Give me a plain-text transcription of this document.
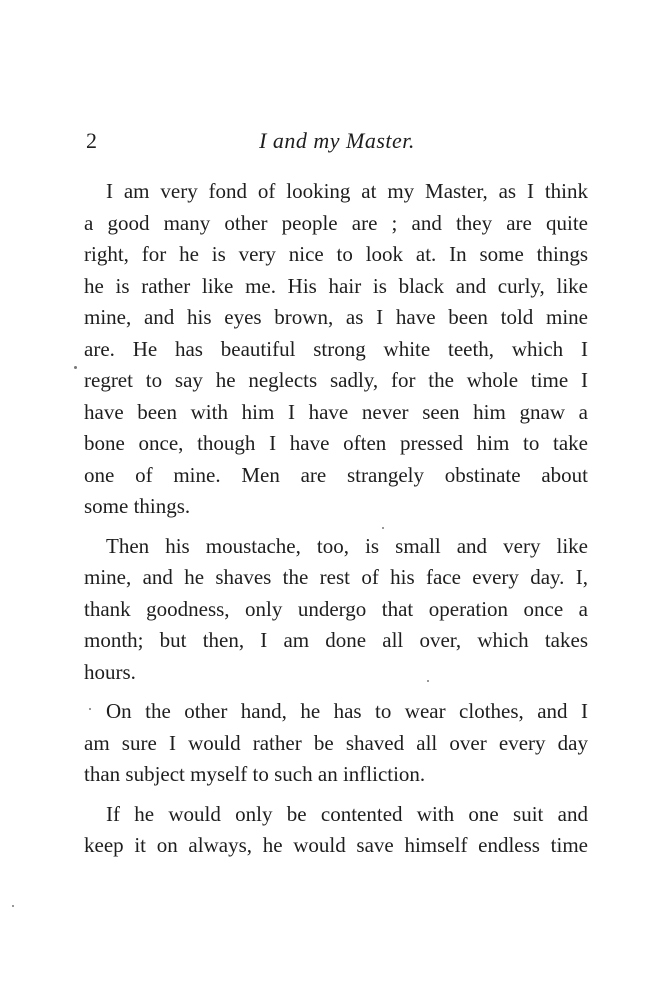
2	I and my Master.

I am very fond of looking at my Master, as I think
a good many other people are ; and they are quite
right, for he is very nice to look at. In some things
he is rather like me. His hair is black and curly, like
mine, and his eyes brown, as I have been told mine
are. He has beautiful strong white teeth, which I
regret to say he neglects sadly, for the whole time I
have been with him I have never seen him gnaw a
bone once, though I have often pressed him to take
one of mine. Men are strangely obstinate about
some things.

Then his moustache, too, is small and very like
mine, and he shaves the rest of his face every day. I,
thank goodness, only undergo that operation once a
month; but then, I am done all over, which takes
hours.

On the other hand, he has to wear clothes, and I
am sure I would rather be shaved all over every day
than subject myself to such an infliction.

If he would only be contented with one suit and
keep it on always, he would save himself endless time
